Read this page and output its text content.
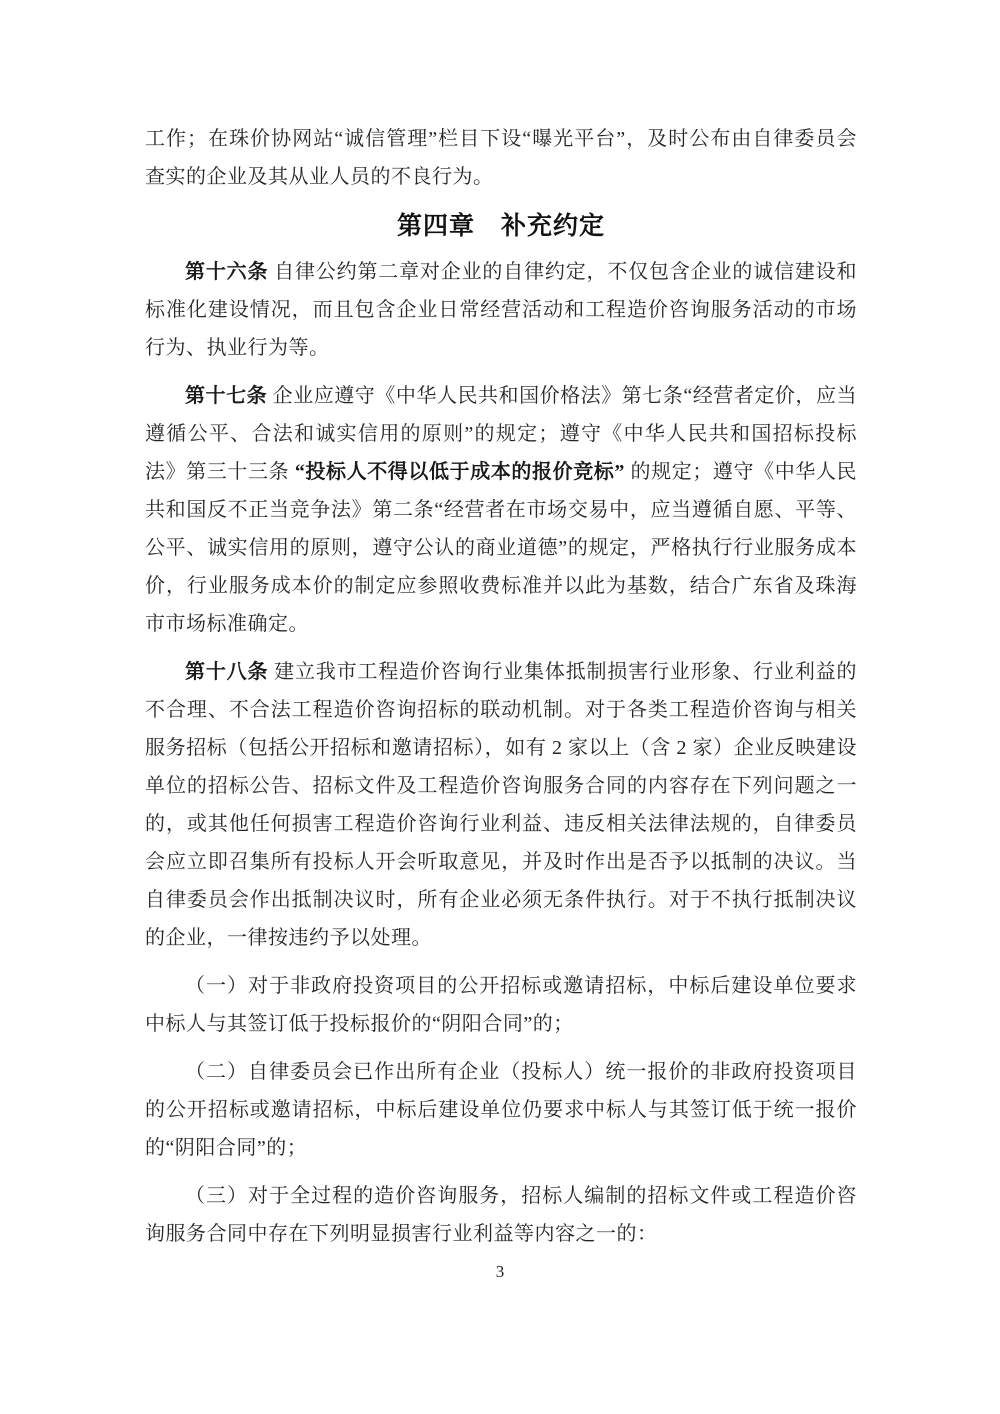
工作；在珠价协网站“诚信管理”栏目下设“曝光平台”，及时公布由自律委员会查实的企业及其从业人员的不良行为。

第四章　补充约定

第十六条 自律公约第二章对企业的自律约定，不仅包含企业的诚信建设和标准化建设情况，而且包含企业日常经营活动和工程造价咨询服务活动的市场行为、执业行为等。

第十七条 企业应遵守《中华人民共和国价格法》第七条“经营者定价，应当遵循公平、合法和诚实信用的原则”的规定；遵守《中华人民共和国招标投标法》第三十三条 “投标人不得以低于成本的报价竞标” 的规定；遵守《中华人民共和国反不正当竞争法》第二条“经营者在市场交易中，应当遵循自愿、平等、公平、诚实信用的原则，遵守公认的商业道德”的规定，严格执行行业服务成本价，行业服务成本价的制定应参照收费标准并以此为基数，结合广东省及珠海市市场标准确定。

第十八条 建立我市工程造价咨询行业集体抵制损害行业形象、行业利益的不合理、不合法工程造价咨询招标的联动机制。对于各类工程造价咨询与相关服务招标（包括公开招标和邀请招标），如有 2 家以上（含 2 家）企业反映建设单位的招标公告、招标文件及工程造价咨询服务合同的内容存在下列问题之一的，或其他任何损害工程造价咨询行业利益、违反相关法律法规的，自律委员会应立即召集所有投标人开会听取意见，并及时作出是否予以抵制的决议。当自律委员会作出抵制决议时，所有企业必须无条件执行。对于不执行抵制决议的企业，一律按违约予以处理。

（一）对于非政府投资项目的公开招标或邀请招标，中标后建设单位要求中标人与其签订低于投标报价的“阴阳合同”的；

（二）自律委员会已作出所有企业（投标人）统一报价的非政府投资项目的公开招标或邀请招标，中标后建设单位仍要求中标人与其签订低于统一报价的“阴阳合同”的；

（三）对于全过程的造价咨询服务，招标人编制的招标文件或工程造价咨询服务合同中存在下列明显损害行业利益等内容之一的：

3
